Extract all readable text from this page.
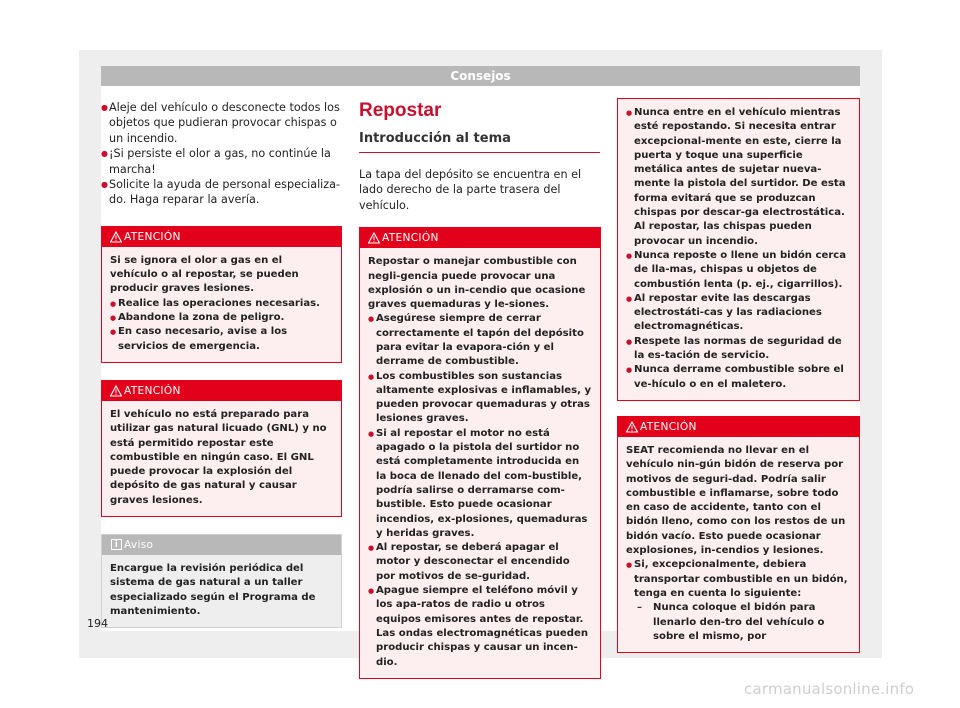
Consejos
● Aleje del vehículo o desconecte todos los objetos que pudieran provocar chispas o un incendio.
● ¡Si persiste el olor a gas, no continúe la marcha!
● Solicite la ayuda de personal especializa-do. Haga reparar la avería.
ATENCIÓN

Si se ignora el olor a gas en el vehículo o al repostar, se pueden producir graves lesiones.

● Realice las operaciones necesarias.
● Abandone la zona de peligro.
● En caso necesario, avise a los servicios de emergencia.
ATENCIÓN

El vehículo no está preparado para utilizar gas natural licuado (GNL) y no está permitido repostar este combustible en ningún caso. El GNL puede provocar la explosión del depósito de gas natural y causar graves lesiones.

i Aviso

Encargue la revisión periódica del sistema de gas natural a un taller especializado según el Programa de mantenimiento.

Repostar
Introducción al tema

La tapa del depósito se encuentra en el lado derecho de la parte trasera del vehículo.

ATENCIÓN

Repostar o manejar combustible con negli-gencia puede provocar una explosión o un in-cendio que ocasione graves quemaduras y le-siones.

● Asegúrese siempre de cerrar correctamente el tapón del depósito para evitar la evapora-ción y el derrame de combustible.
● Los combustibles son sustancias altamente explosivas e inflamables, y pueden provocar quemaduras y otras lesiones graves.
● Si al repostar el motor no está apagado o la pistola del surtidor no está completamente introducida en la boca de llenado del com-bustible, podría salirse o derramarse com-bustible. Esto puede ocasionar incendios, ex-plosiones, quemaduras y heridas graves.
● Al repostar, se deberá apagar el motor y desconectar el encendido por motivos de se-guridad.
● Apague siempre el teléfono móvil y los apa-ratos de radio u otros equipos emisores antes de repostar. Las ondas electromagnéticas pueden producir chispas y causar un incen-dio.
● Nunca entre en el vehículo mientras esté repostando. Si necesita entrar excepcional-mente en este, cierre la puerta y toque una superficie metálica antes de sujetar nueva-mente la pistola del surtidor. De esta forma evitará que se produzcan chispas por descar-ga electrostática. Al repostar, las chispas pueden provocar un incendio.
● Nunca reposte o llene un bidón cerca de lla-mas, chispas u objetos de combustión lenta (p. ej., cigarrillos).
● Al repostar evite las descargas electrostáti-cas y las radiaciones electromagnéticas.
● Respete las normas de seguridad de la es-tación de servicio.
● Nunca derrame combustible sobre el ve-hículo o en el maletero.
ATENCIÓN

SEAT recomienda no llevar en el vehículo nin-gún bidón de reserva por motivos de seguri-dad. Podría salir combustible e inflamarse, sobre todo en caso de accidente, tanto con el bidón lleno, como con los restos de un bidón vacío. Esto puede ocasionar explosiones, in-cendios y lesiones.

● Si, excepcionalmente, debiera transportar combustible en un bidón, tenga en cuenta lo siguiente:
– Nunca coloque el bidón para llenarlo den-tro del vehículo o sobre el mismo, por
194
carmanualsonline.info
